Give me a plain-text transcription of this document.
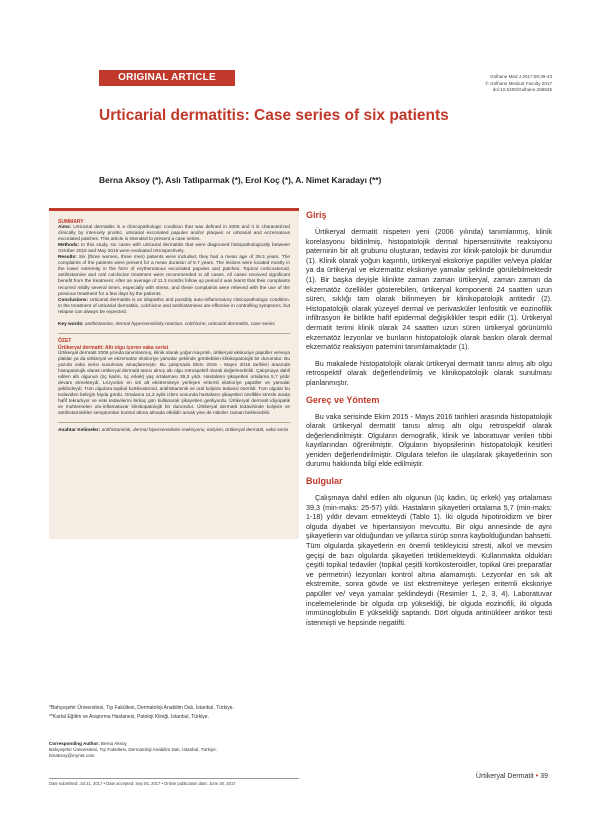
ORIGINAL ARTICLE	Gülhane Med J 2017;59:39-43
© Gülhane Medical Faculty 2017
doi:10.5455/Gulhane.269635
Urticarial dermatitis: Case series of six patients
Berna Aksoy (*), Aslı Tatlıparmak (*), Erol Koç (*), A. Nimet Karadayı (**)
SUMMARY

Aims: Urticarial dermatitis is a clinicopathologic condition that was defined in 2006 and it is characterized clinically by intensely pruritic, urticarial excoriated papules and/or plaques or urticarial and eczematous excoriated patches. This article is intended to present a case series.

Methods: In this study, six cases with urticarial dermatitis that were diagnosed histopathologically between October 2015 and May 2016 were evaluated retrospectively.

Results: Six (three women, three men) patients were included, they had a mean age of 39.3 years. The complaints of the patients were present for a mean duration of 5.7 years. The lesions were located mostly in the lower extremity in the form of erythematous excoriated papules and patches. Topical corticosteroid, antihistamine and oral colchicine treatment were recommended in all cases. All cases received significant benefit from the treatment. After an average of 11.3 months follow up period it was learnt that their complaints recurred mildly several times, especially with stress, and these complaints were relieved with the use of the previous treatment for a few days by the patients.

Conclusions: Urticarial dermatitis is an idiopathic and possibly auto-inflammatory clinicopathologic condition. In the treatment of urticarial dermatitis, colchicine and antihistamines are effective in controlling symptoms, but relapse can always be expected.

Key words: antihistamine, dermal hypersensitivity reaction, colchicine, urticarial dermatitis, case series

ÖZET
Ürtikeryal dermatit: Altı olgu içeren vaka serisi

Ürtikeryal dermatit 2006 yılında tanımlanmış, klinik olarak yoğun kaşıntılı, ürtikeryal ekskoriye papüller ve/veya plaklar ya da ürtikeryal ve ekzematöz ekskoriye yamalar şeklinde görülebilen klinikopatolojik bir durumdur. Bu yazıda vaka serisi sunulması amaçlanmıştır. Bu çalışmada Ekim 2015 - Mayıs 2016 tarihleri arasında histopatolojik olarak ürtikeryal dermatit tanısı almış altı olgu retrospektif olarak değerlendirildi. Çalışmaya dahil edilen altı olgunun (üç kadın, üç erkek) yaş ortalaması 39,3 yıldı. Hastaların şikayetleri ortalama 5,7 yıldır devam etmekteydi. Lezyonlar en sık alt ekstremiteye yerleşen eritemli ekskoriye papüller ve yamalar şeklindeydi. Tüm olgulara topikal kortikosteroid, antihistaminik ve oral kolşisin tedavisi önerildi. Tüm olgular bu tedaviden belirgin fayda gördü. Ortalama 11,3 aylık izlem sonunda hastaların şikayetleri özellikle stresle arada hafif tekrarlıyor ve eski tedavilerini birkaç gün kullanarak şikayetleri geriliyordu. Ürtikeryal dermatit idiyopatik ve muhtemelen oto-inflamatuvar klinikopatolojik bir durumdur. Ürtikeryal dermatit tedavisinde kolşisin ve antihistaminikler semptomları kontrol altına almada etkilidir ancak yine de nüksler zaman beklenebilir.

Anahtar Kelimeler: antihistaminik, dermal hipersensitivite reaksiyonu, kolşisin, ürtikeryal dermatit, vaka serisi

*Bahçeşehir Üniversitesi, Tıp Fakültesi, Dermatoloji Anabilim Dalı, İstanbul, Türkiye.

**Kartal Eğitim ve Araştırma Hastanesi, Patoloji Kliniği, İstanbul, Türkiye.

Corresponding Author: Berna Aksoy
Bahçeşehir Üniversitesi, Tıp Fakültesi, Dermatoloji Anabilim Dalı, İstanbul, Türkiye.
bmaksoy@mynet.com
Date submitted: Jul 21, 2017 • Date accepted: Sep 05, 2017 • Online publication date: June 30, 2017
Giriş

Ürtikeryal dermatit nispeten yeni (2006 yılında) tanımlanmış, klinik korelasyonu bildirilmiş, histopatolojik dermal hipersensitivite reaksiyonu paterninin bir alt grubunu oluşturan, tedavisi zor klinik-patolojik bir durumdur (1). Klinik olarak yoğun kaşıntılı, ürtikeryal ekskoriye papüller ve/veya plaklar ya da ürtikeryal ve ekzematöz ekskoriye yamalar şeklinde görülebilmektedir (1). Bir başka deyişle klinikte zaman zaman ürtikeryal, zaman zaman da ekzematöz özellikler gösterebilen, ürtikeryal komponenti 24 saatten uzun süren, sıklığı tam olarak bilinmeyen bir klinikopatolojik antitedir (2). Histopatolojik olarak yüzeyel dermal ve perivasküler lenfositik ve eozinofilik infiltrasyon ile birlikte hafif epidermal değişiklikler tespit edilir (1). Ürtikeryal dermatit terimi klinik olarak 24 saatten uzun süren ürtikeryal görünümlü ekzematöz lezyonlar ve bunların histopatolojik olarak baskın olarak dermal ekzematöz reaksiyon paternini tanımlamaktadır (1).

Bu makalede histopatolojik olarak ürtikeryal dermatit tanısı almış altı olgu retrospektif olarak değerlendirilmiş ve klinikopatolojik olarak sunulması planlanmıştır.

Gereç ve Yöntem

Bu vaka serisinde Ekim 2015 - Mayıs 2016 tarihleri arasında histopatolojik olarak ürtikeryal dermatit tanısı almış altı olgu retrospektif olarak değerlendirilmiştir. Olguların demografik, klinik ve laboratuvar verileri tıbbi kayıtlarından öğrenilmiştir. Olguların biyopsilerinin histopatolojik kesitleri yeniden değerlendirilmiştir. Olgulara telefon ile ulaşılarak şikayetlerinin son durumu hakkında bilgi elde edilmiştir.

Bulgular

Çalışmaya dahil edilen altı olgunun (üç kadın, üç erkek) yaş ortalaması 39,3 (min-maks: 25-57) yıldı. Hastaların şikayetleri ortalama 5,7 (min-maks: 1-18) yıldır devam etmekteydi (Tablo 1). İki olguda hipotiroidizm ve birer olguda diyabet ve hipertansiyon mevcuttu. Bir olgu annesinde de aynı şikayetlerin var olduğundan ve yıllarca sürüp sonra kaybolduğundan bahsetti. Tüm olgularda şikayetlerin en önemli tetikleyicisi stresti, alkol ve mevsim geçişi de bazı olgularda şikayetleri tetiklemekteydi. Kullanmakta oldukları çeşitli topikal tedaviler (topikal çeşitli kortikosteroidler, topikal ürei preparatlar ve permetrin) lezyonları kontrol altına alamamıştı. Lezyonlar en sık alt ekstremite, sonra gövde ve üst ekstremiteye yerleşen eritemli ekskoriye papüller ve/ veya yamalar şeklindeydi (Resimler 1, 2, 3, 4). Laboratuvar incelemelerinde bir olguda crp yüksekliği, bir olguda eozinofili, iki olguda immünoglobulin E yüksekliği saptandı. Dört olguda antinükleer antikor testi istenmişti ve hepsinde negatifti.

Ürtikeryal Dermatit • 39
